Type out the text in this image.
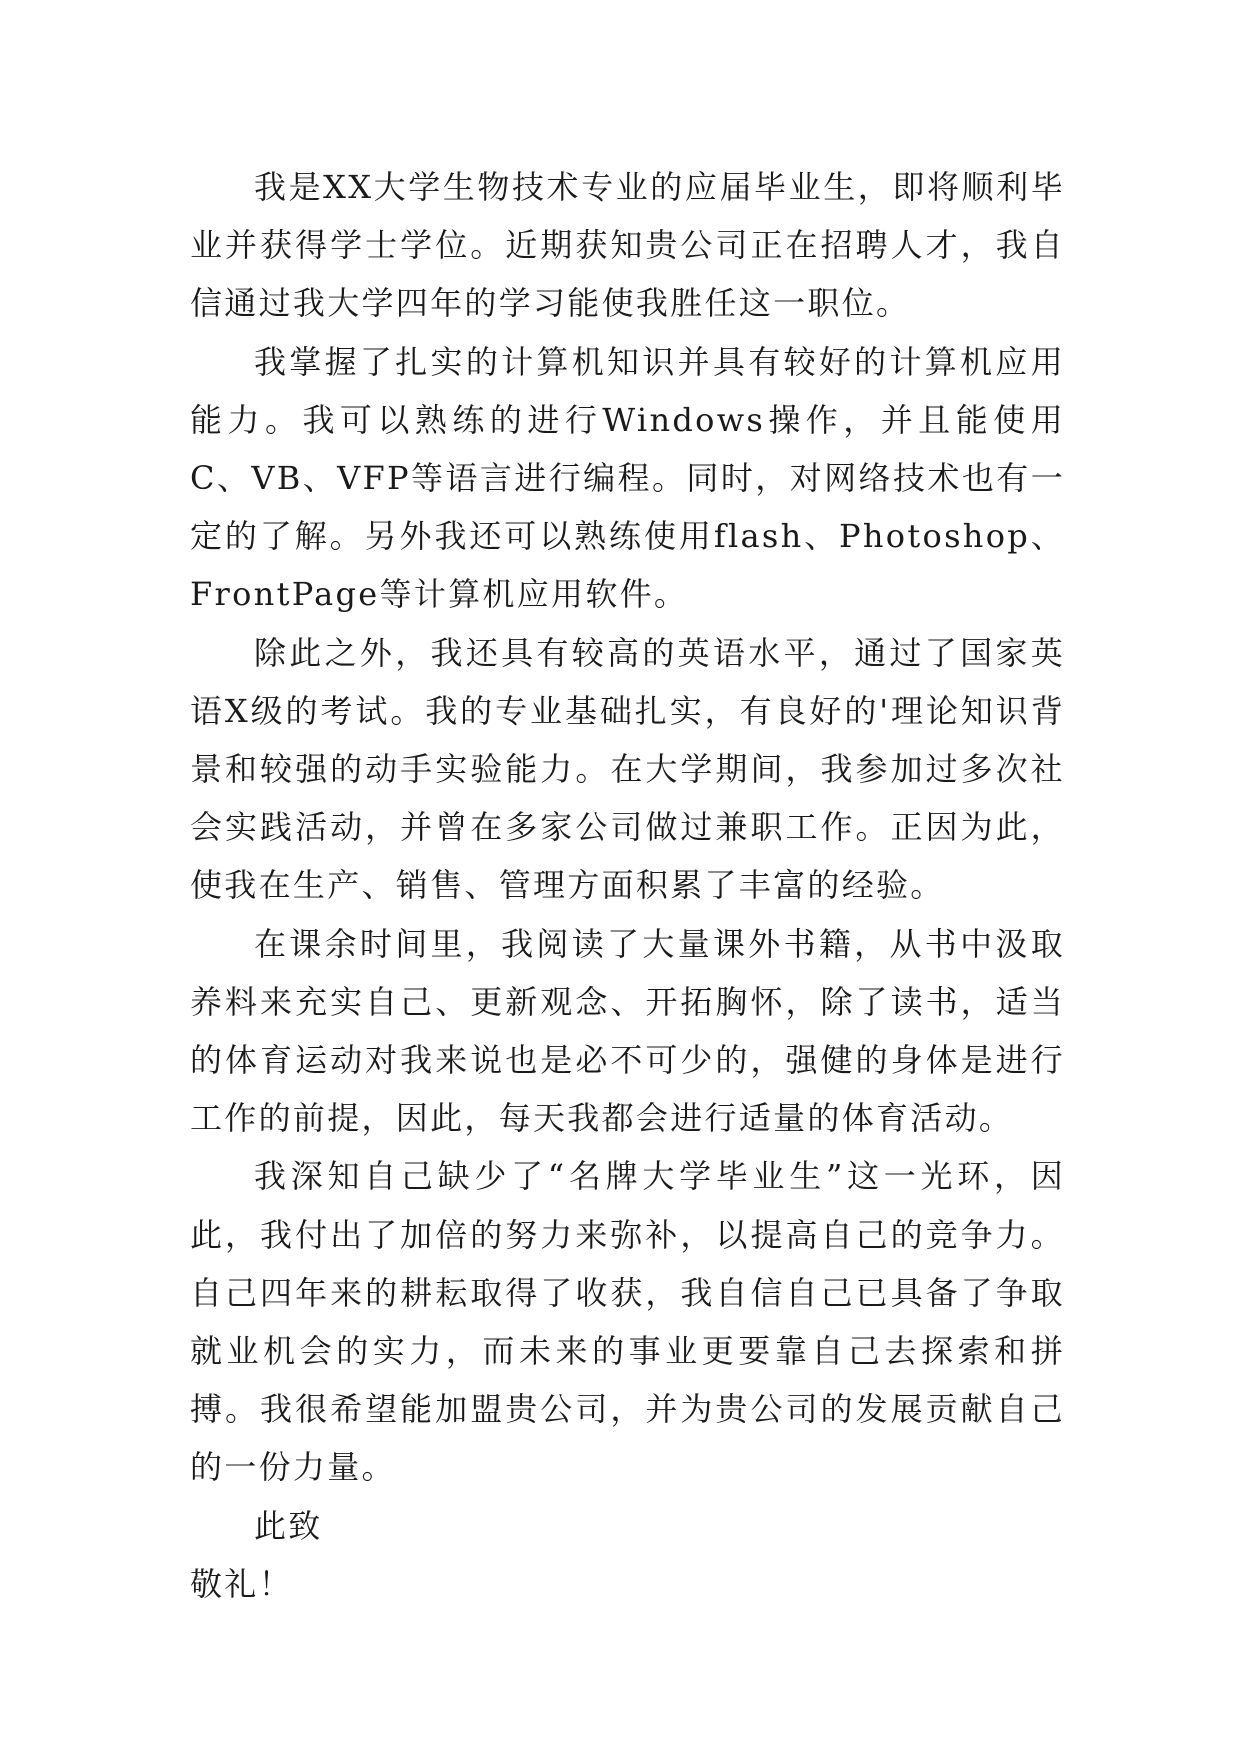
我是XX大学生物技术专业的应届毕业生，即将顺利毕业并获得学士学位。近期获知贵公司正在招聘人才，我自信通过我大学四年的学习能使我胜任这一职位。

我掌握了扎实的计算机知识并具有较好的计算机应用能力。我可以熟练的进行Windows操作，并且能使用C、VB、VFP等语言进行编程。同时，对网络技术也有一定的了解。另外我还可以熟练使用flash、Photoshop、FrontPage等计算机应用软件。

除此之外，我还具有较高的英语水平，通过了国家英语X级的考试。我的专业基础扎实，有良好的'理论知识背景和较强的动手实验能力。在大学期间，我参加过多次社会实践活动，并曾在多家公司做过兼职工作。正因为此，使我在生产、销售、管理方面积累了丰富的经验。

在课余时间里，我阅读了大量课外书籍，从书中汲取养料来充实自己、更新观念、开拓胸怀，除了读书，适当的体育运动对我来说也是必不可少的，强健的身体是进行工作的前提，因此，每天我都会进行适量的体育活动。

我深知自己缺少了“名牌大学毕业生”这一光环，因此，我付出了加倍的努力来弥补，以提高自己的竞争力。自己四年来的耕耘取得了收获，我自信自己已具备了争取就业机会的实力，而未来的事业更要靠自己去探索和拼搏。我很希望能加盟贵公司，并为贵公司的发展贡献自己的一份力量。

此致

敬礼！
